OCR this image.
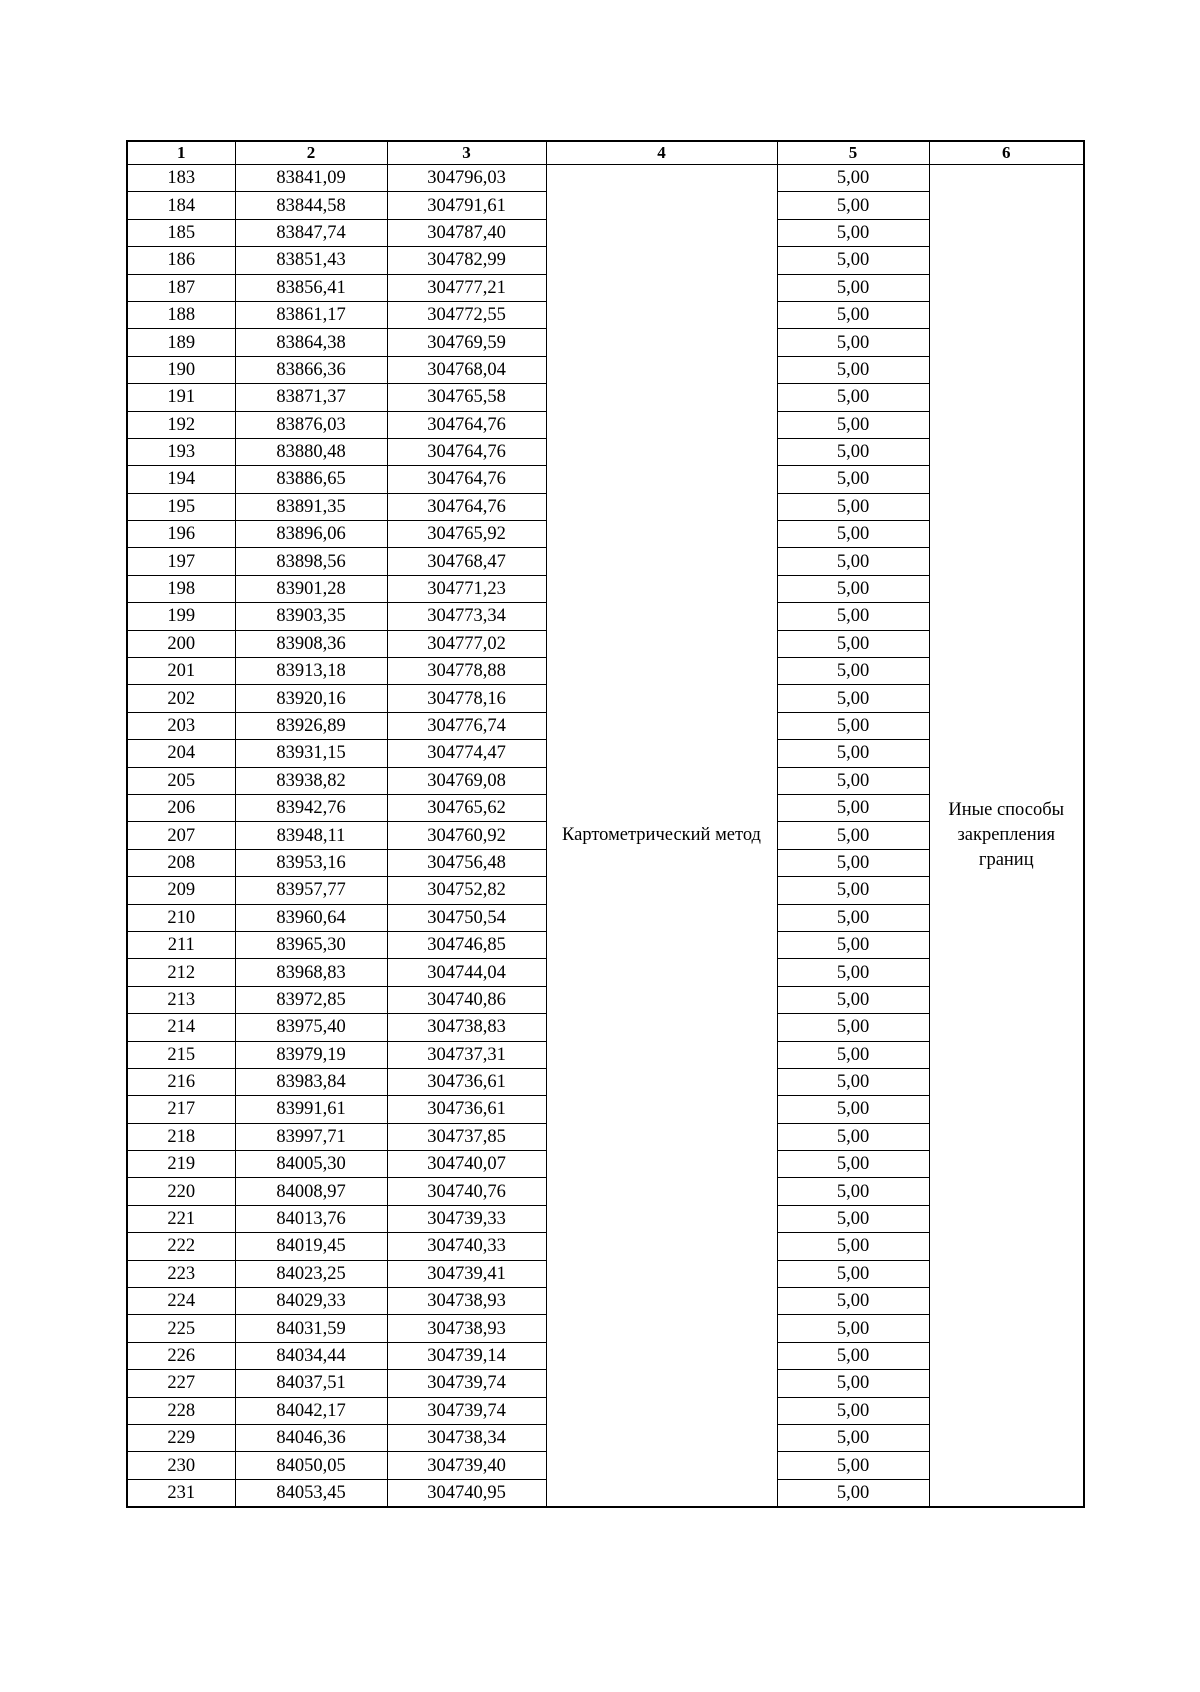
1	2	3	4	5	6
183	83841,09	304796,03	Картометрический метод	5,00	Иные способы закрепления границ
184	83844,58	304791,61		5,00	
185	83847,74	304787,40		5,00	
186	83851,43	304782,99		5,00	
187	83856,41	304777,21		5,00	
188	83861,17	304772,55		5,00	
189	83864,38	304769,59		5,00	
190	83866,36	304768,04		5,00	
191	83871,37	304765,58		5,00	
192	83876,03	304764,76		5,00	
193	83880,48	304764,76		5,00	
194	83886,65	304764,76		5,00	
195	83891,35	304764,76		5,00	
196	83896,06	304765,92		5,00	
197	83898,56	304768,47		5,00	
198	83901,28	304771,23		5,00	
199	83903,35	304773,34		5,00	
200	83908,36	304777,02		5,00	
201	83913,18	304778,88		5,00	
202	83920,16	304778,16		5,00	
203	83926,89	304776,74		5,00	
204	83931,15	304774,47		5,00	
205	83938,82	304769,08		5,00	
206	83942,76	304765,62		5,00	
207	83948,11	304760,92		5,00	
208	83953,16	304756,48		5,00	
209	83957,77	304752,82		5,00	
210	83960,64	304750,54		5,00	
211	83965,30	304746,85		5,00	
212	83968,83	304744,04		5,00	
213	83972,85	304740,86		5,00	
214	83975,40	304738,83		5,00	
215	83979,19	304737,31		5,00	
216	83983,84	304736,61		5,00	
217	83991,61	304736,61		5,00	
218	83997,71	304737,85		5,00	
219	84005,30	304740,07		5,00	
220	84008,97	304740,76		5,00	
221	84013,76	304739,33		5,00	
222	84019,45	304740,33		5,00	
223	84023,25	304739,41		5,00	
224	84029,33	304738,93		5,00	
225	84031,59	304738,93		5,00	
226	84034,44	304739,14		5,00	
227	84037,51	304739,74		5,00	
228	84042,17	304739,74		5,00	
229	84046,36	304738,34		5,00	
230	84050,05	304739,40		5,00	
231	84053,45	304740,95		5,00	
